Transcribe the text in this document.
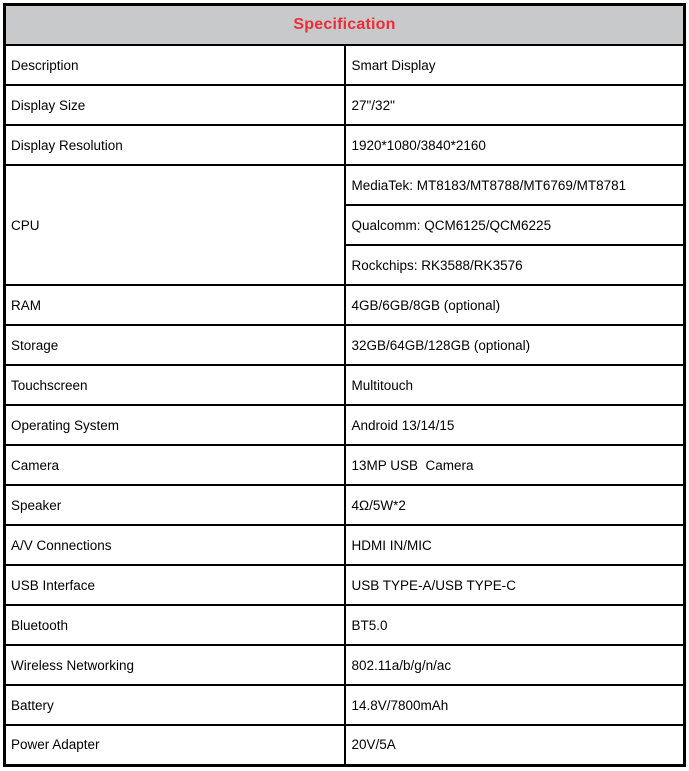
Specification	
Description	Smart Display
Display Size	27"/32"
Display Resolution	1920*1080/3840*2160
CPU	MediaTek: MT8183/MT8788/MT6769/MT8781
	Qualcomm: QCM6125/QCM6225
	Rockchips: RK3588/RK3576
RAM	4GB/6GB/8GB (optional)
Storage	32GB/64GB/128GB (optional)
Touchscreen	Multitouch
Operating System	Android 13/14/15
Camera	13MP USB  Camera
Speaker	4Ω/5W*2
A/V Connections	HDMI IN/MIC
USB Interface	USB TYPE-A/USB TYPE-C
Bluetooth	BT5.0
Wireless Networking	802.11a/b/g/n/ac
Battery	14.8V/7800mAh
Power Adapter	20V/5A
